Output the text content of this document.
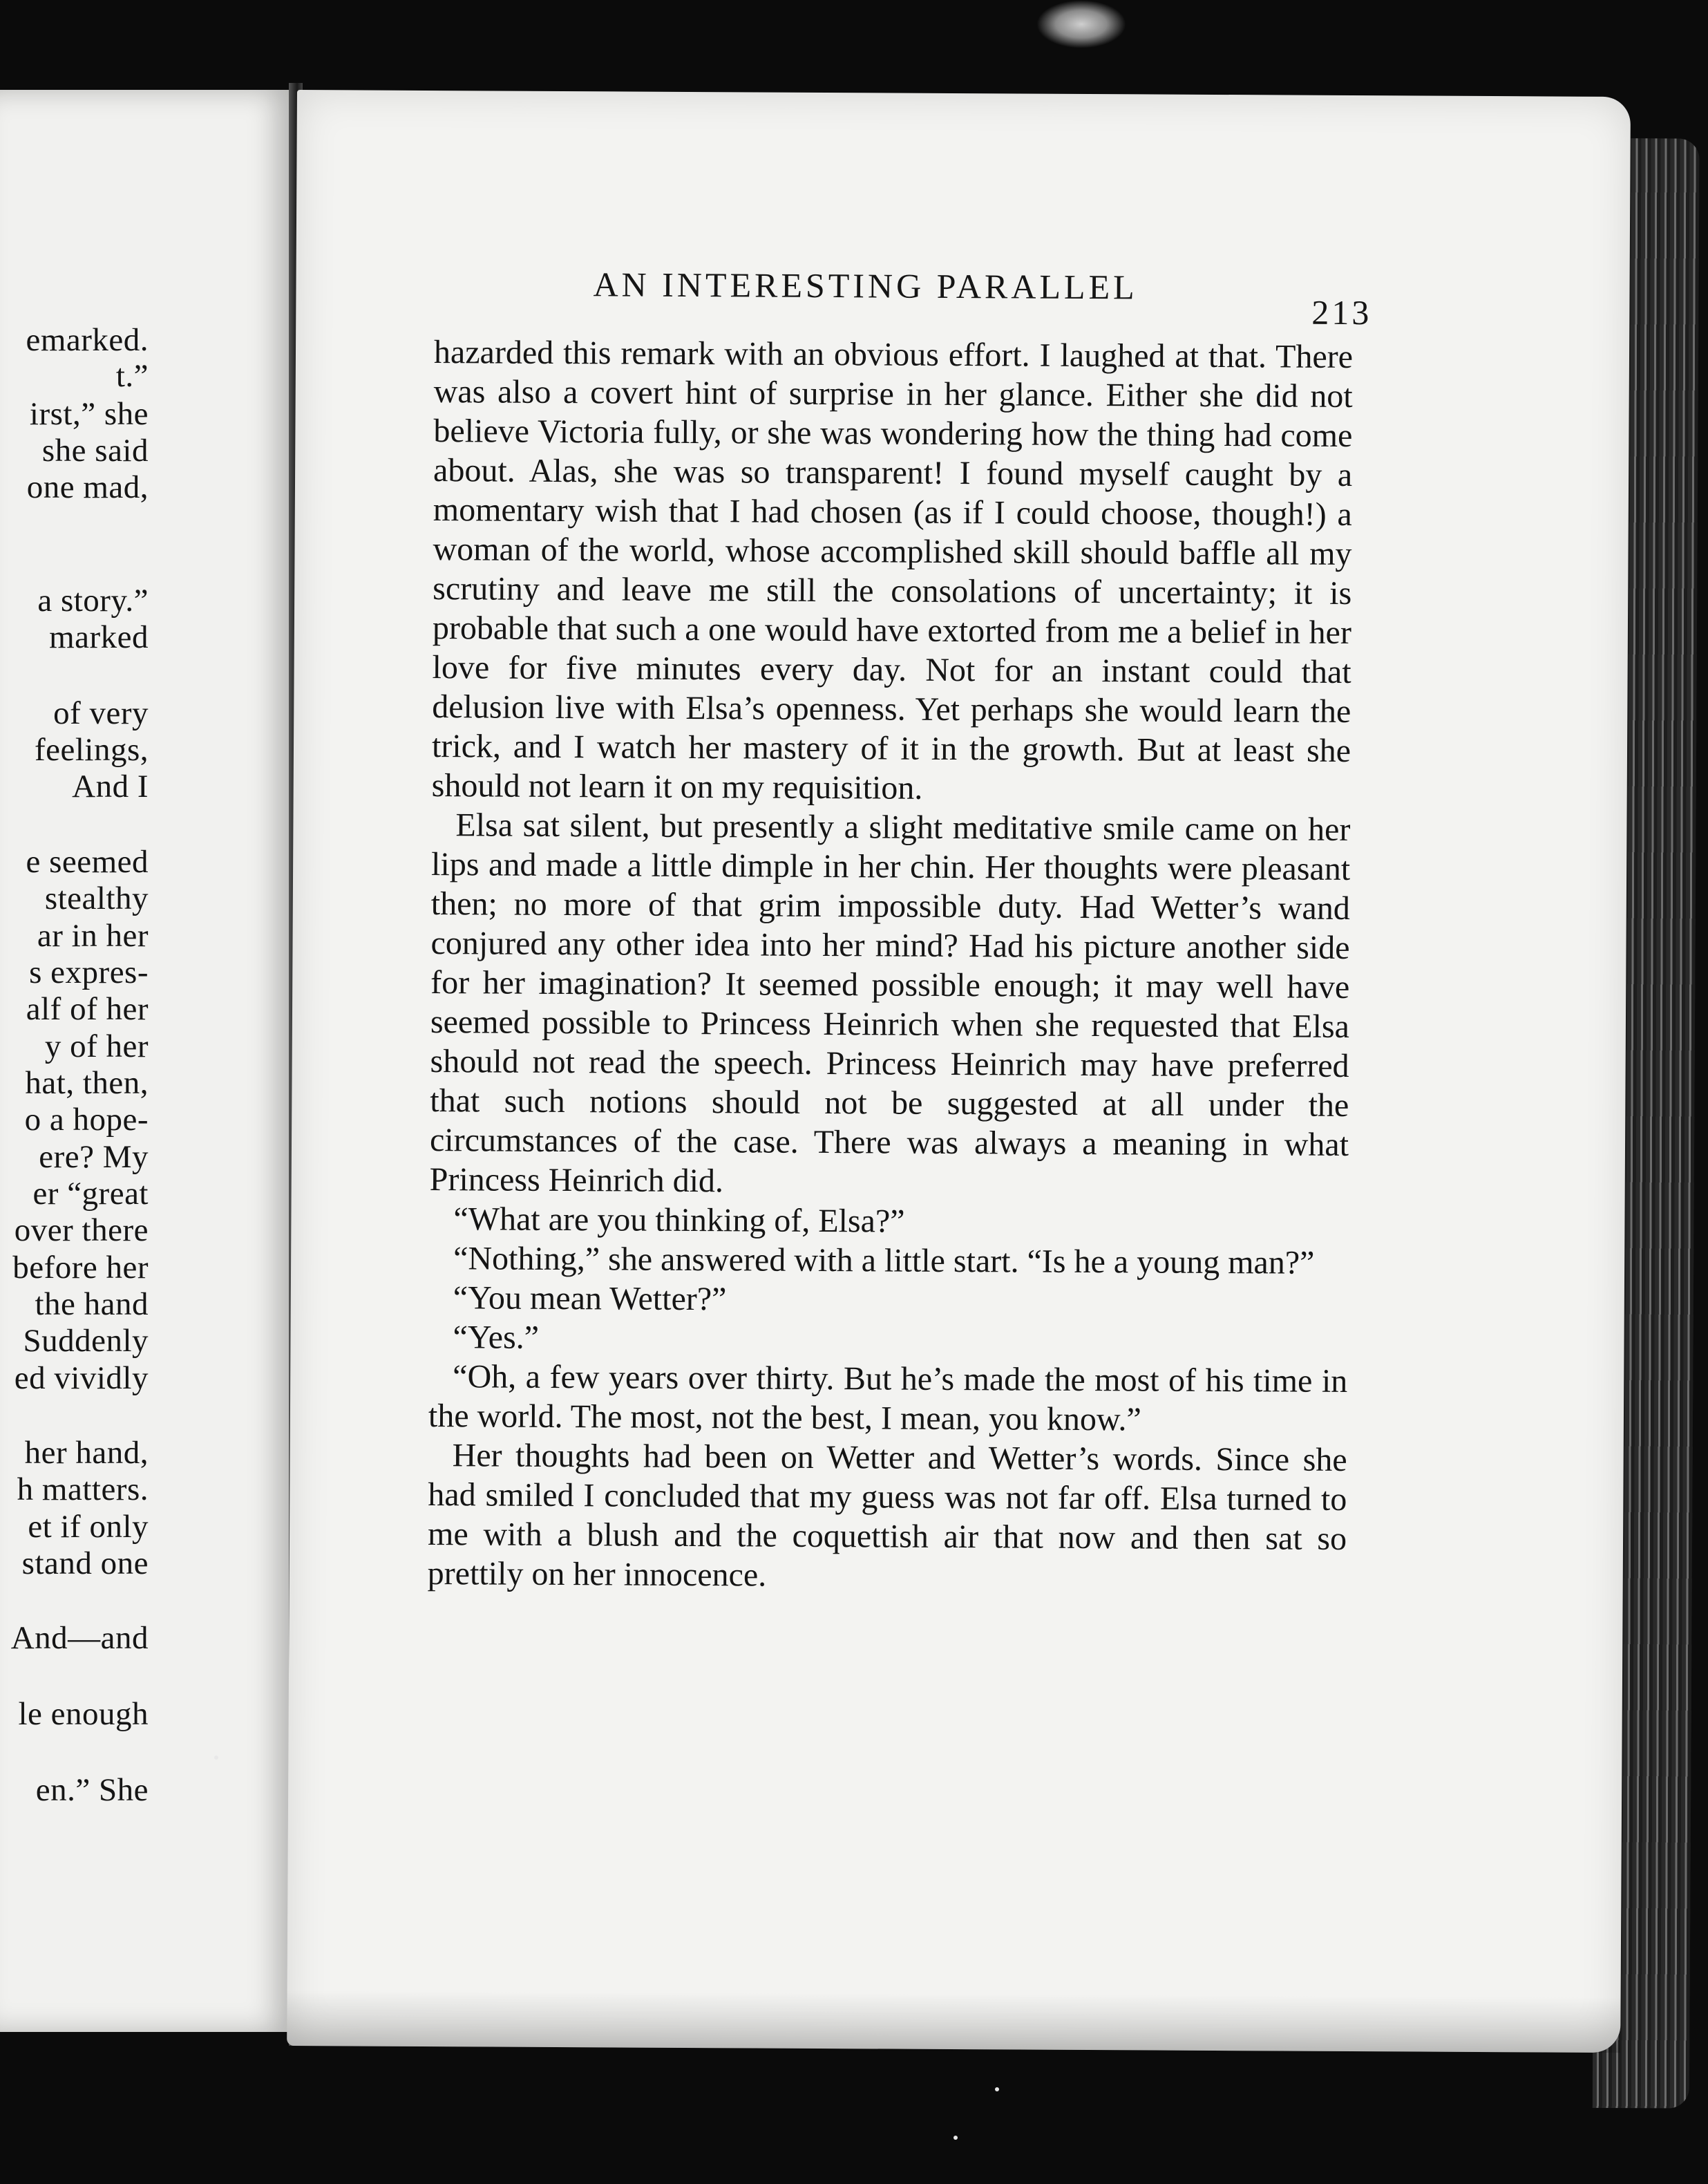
emarked.
t.”
irst,” she
she said
one mad,
a story.”
marked
of very
feelings,
And I
e seemed
stealthy
ar in her
s expres-
alf of her
y of her
hat, then,
o a hope-
ere? My
er “great
over there
before her
the hand
Suddenly
ed vividly
her hand,
h matters.
et if only
stand one
And—and
le enough
en.” She
AN INTERESTING PARALLEL
213

hazarded this remark with an obvious effort. I laughed at that. There was also a covert hint of surprise in her glance. Either she did not believe Victoria fully, or she was wondering how the thing had come about. Alas, she was so transparent! I found myself caught by a momentary wish that I had chosen (as if I could choose, though!) a woman of the world, whose accomplished skill should baffle all my scrutiny and leave me still the consolations of uncertainty; it is probable that such a one would have extorted from me a belief in her love for five minutes every day. Not for an instant could that delusion live with Elsa’s openness. Yet perhaps she would learn the trick, and I watch her mastery of it in the growth. But at least she should not learn it on my requisition.

Elsa sat silent, but presently a slight meditative smile came on her lips and made a little dimple in her chin. Her thoughts were pleasant then; no more of that grim impossible duty. Had Wetter’s wand conjured any other idea into her mind? Had his picture another side for her imagination? It seemed possible enough; it may well have seemed possible to Princess Heinrich when she requested that Elsa should not read the speech. Princess Heinrich may have preferred that such notions should not be suggested at all under the circumstances of the case. There was always a meaning in what Princess Heinrich did.

“What are you thinking of, Elsa?”

“Nothing,” she answered with a little start. “Is he a young man?”

“You mean Wetter?”

“Yes.”

“Oh, a few years over thirty. But he’s made the most of his time in the world. The most, not the best, I mean, you know.”

Her thoughts had been on Wetter and Wetter’s words. Since she had smiled I concluded that my guess was not far off. Elsa turned to me with a blush and the coquettish air that now and then sat so prettily on her innocence.
